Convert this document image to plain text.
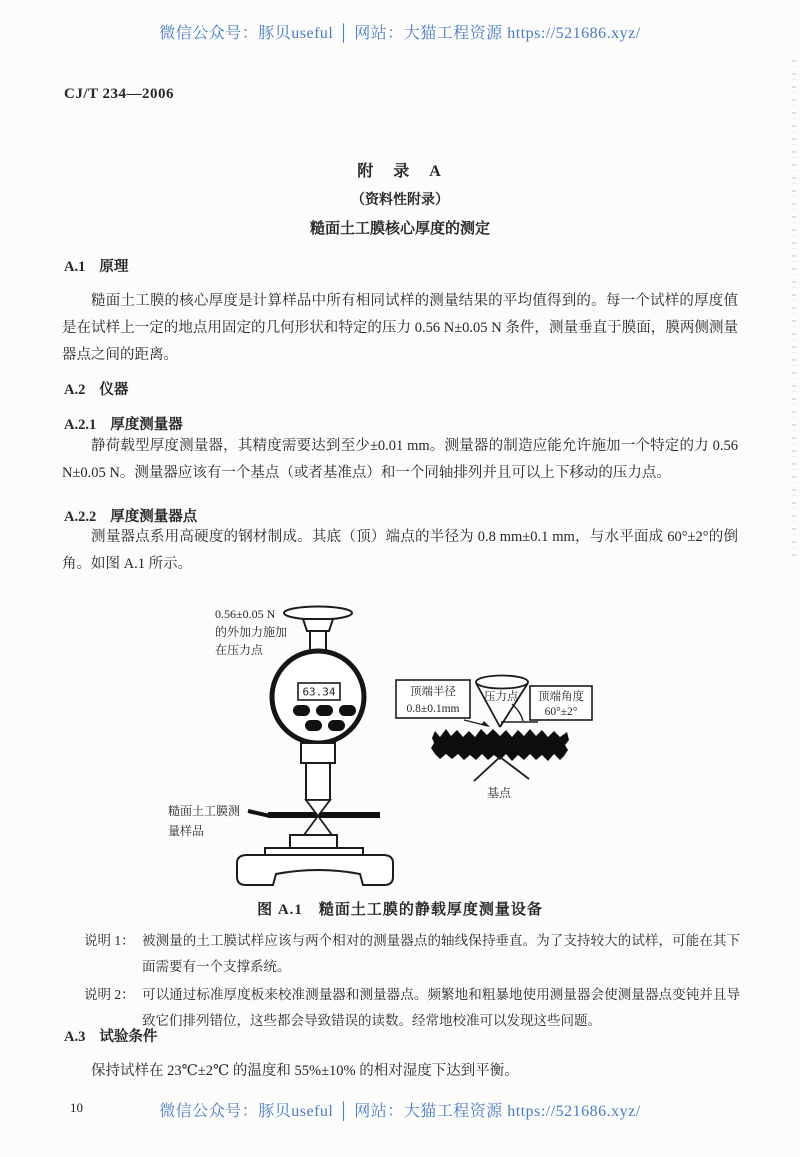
微信公众号：豚贝useful │ 网站：大猫工程资源 https://521686.xyz/
CJ/T 234—2006

附　录　A

（资料性附录）

糙面土工膜核心厚度的测定

A.1 原理

糙面土工膜的核心厚度是计算样品中所有相同试样的测量结果的平均值得到的。每一个试样的厚度值是在试样上一定的地点用固定的几何形状和特定的压力 0.56 N±0.05 N 条件，测量垂直于膜面，膜两侧测量器点之间的距离。

A.2 仪器
A.2.1 厚度测量器

静荷载型厚度测量器，其精度需要达到至少±0.01 mm。测量器的制造应能允许施加一个特定的力 0.56 N±0.05 N。测量器应该有一个基点（或者基准点）和一个同轴排列并且可以上下移动的压力点。

A.2.2 厚度测量器点

测量器点系用高硬度的钢材制成。其底（顶）端点的半径为 0.8 mm±0.1 mm，与水平面成 60°±2°的倒角。如图 A.1 所示。

63.34
0.56±0.05 N
的外加力施加
在压力点
糙面土工膜测
量样品
压力点
顶端半径
0.8±0.1mm
顶端角度
60°±2°
基点
图 A.1　糙面土工膜的静载厚度测量设备
说明 1： 被测量的土工膜试样应该与两个相对的测量器点的轴线保持垂直。为了支持较大的试样，可能在其下面需要有一个支撑系统。
说明 2： 可以通过标准厚度板来校准测量器和测量器点。频繁地和粗暴地使用测量器会使测量器点变钝并且导致它们排列错位，这些都会导致错误的读数。经常地校准可以发现这些问题。
A.3 试验条件

保持试样在 23℃±2℃ 的温度和 55%±10% 的相对湿度下达到平衡。

10	微信公众号：豚贝useful │ 网站：大猫工程资源 https://521686.xyz/
